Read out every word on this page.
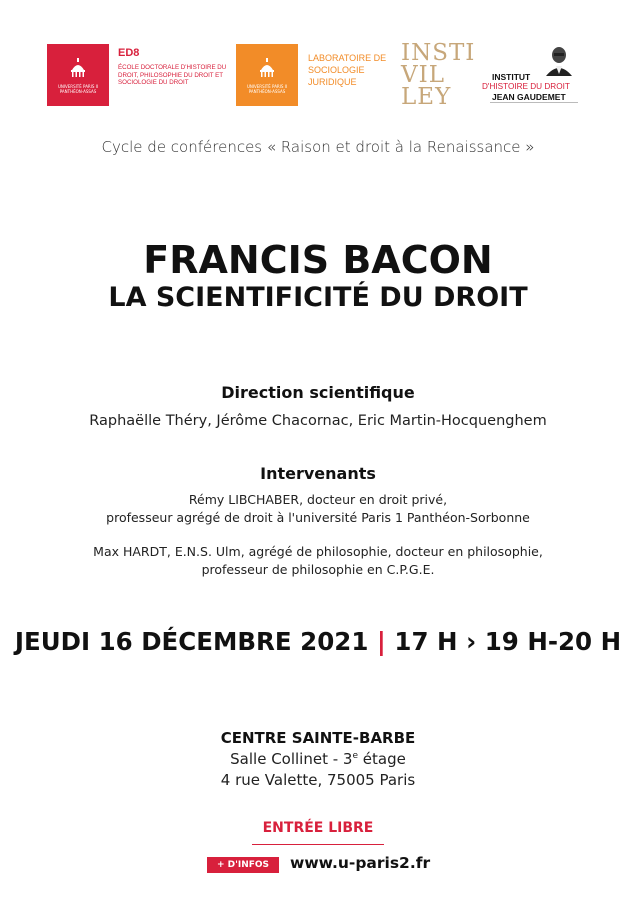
UNIVERSITÉ PARIS II
PANTHÉON-ASSAS
ED8
ÉCOLE DOCTORALE D'HISTOIRE DU DROIT, PHILOSOPHIE DU DROIT ET SOCIOLOGIE DU DROIT
UNIVERSITÉ PARIS II
PANTHÉON-ASSAS
LABORATOIRE DE SOCIOLOGIE JURIDIQUE
INSTI
VIL
LEY
INSTITUT
D'HISTOIRE DU DROIT
JEAN GAUDEMET
Cycle de conférences « Raison et droit à la Renaissance »
FRANCIS BACON
LA SCIENTIFICITÉ DU DROIT
Direction scientifique
Raphaëlle Théry, Jérôme Chacornac, Eric Martin-Hocquenghem
Intervenants
Rémy LIBCHABER, docteur en droit privé,
professeur agrégé de droit à l'université Paris 1 Panthéon-Sorbonne
Max HARDT, E.N.S. Ulm, agrégé de philosophie, docteur en philosophie,
professeur de philosophie en C.P.G.E.
JEUDI 16 DÉCEMBRE 2021 | 17 H › 19 H-20 H
CENTRE SAINTE-BARBE
Salle Collinet - 3e étage
4 rue Valette, 75005 Paris
ENTRÉE LIBRE
+ D'INFOS	www.u-paris2.fr
